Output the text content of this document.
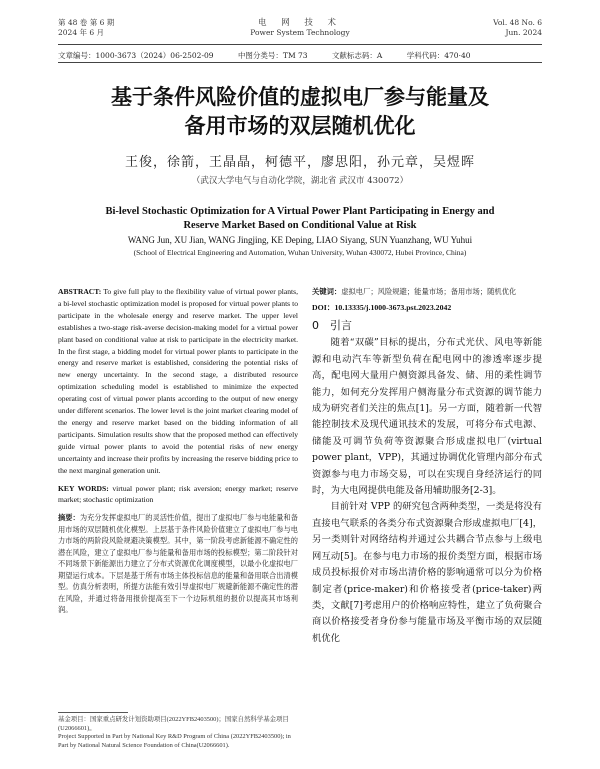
第 48 卷 第 6 期
2024 年 6 月
电 网 技 术
Power System Technology
Vol. 48 No. 6
Jun. 2024
文章编号：1000-3673（2024）06-2502-09	中图分类号：TM 73	文献标志码：A	学科代码：470·40
基于条件风险价值的虚拟电厂参与能量及
备用市场的双层随机优化
王俊，徐箭，王晶晶，柯德平，廖思阳，孙元章，吴煜晖
（武汉大学电气与自动化学院，湖北省 武汉市 430072）
Bi-level Stochastic Optimization for A Virtual Power Plant Participating in Energy and
Reserve Market Based on Conditional Value at Risk
WANG Jun, XU Jian, WANG Jingjing, KE Deping, LIAO Siyang, SUN Yuanzhang, WU Yuhui
(School of Electrical Engineering and Automation, Wuhan University, Wuhan 430072, Hubei Province, China)

ABSTRACT: To give full play to the flexibility value of virtual power plants, a bi-level stochastic optimization model is proposed for virtual power plants to participate in the wholesale energy and reserve market. The upper level establishes a two-stage risk-averse decision-making model for a virtual power plant based on conditional value at risk to participate in the electricity market. In the first stage, a bidding model for virtual power plants to participate in the energy and reserve market is established, considering the potential risks of new energy uncertainty. In the second stage, a distributed resource optimization scheduling model is established to minimize the expected operating cost of virtual power plants according to the output of new energy under different scenarios. The lower level is the joint market clearing model of the energy and reserve market based on the bidding information of all participants. Simulation results show that the proposed method can effectively guide virtual power plants to avoid the potential risks of new energy uncertainty and increase their profits by increasing the reserve bidding price to the next marginal generation unit.

KEY WORDS: virtual power plant; risk aversion; energy market; reserve market; stochastic optimization

摘要：为充分发挥虚拟电厂的灵活性价值，提出了虚拟电厂参与电能量和备用市场的双层随机优化模型。上层基于条件风险价值建立了虚拟电厂参与电力市场的两阶段风险规避决策模型。其中，第一阶段考虑新能源不确定性的潜在风险，建立了虚拟电厂参与能量和备用市场的投标模型；第二阶段针对不同场景下新能源出力建立了分布式资源优化调度模型，以最小化虚拟电厂期望运行成本。下层是基于所有市场主体投标信息的能量和备用联合出清模型。仿真分析表明，所提方法能有效引导虚拟电厂规避新能源不确定性的潜在风险，并通过将备用报价提高至下一个边际机组的报价以提高其市场利润。

基金项目：国家重点研发计划资助项目(2022YFB2403500)；国家自然科学基金项目(U2066601)。
Project Supported in Part by National Key R&D Program of China (2022YFB2403500); in Part by National Natural Science Foundation of China(U2066601).

关键词：虚拟电厂；风险规避；能量市场；备用市场；随机优化

DOI：10.13335/j.1000-3673.pst.2023.2042
0　引言

随着“双碳”目标的提出，分布式光伏、风电等新能源和电动汽车等新型负荷在配电网中的渗透率逐步提高，配电网大量用户侧资源具备发、储、用的柔性调节能力，如何充分发挥用户侧海量分布式资源的调节能力成为研究者们关注的焦点[1]。另一方面，随着新一代智能控制技术及现代通讯技术的发展，可将分布式电源、储能及可调节负荷等资源聚合形成虚拟电厂(virtual power plant，VPP)，其通过协调优化管理内部分布式资源参与电力市场交易，可以在实现自身经济运行的同时，为大电网提供电能及备用辅助服务[2-3]。

目前针对 VPP 的研究包含两种类型，一类是将没有直接电气联系的各类分布式资源聚合形成虚拟电厂[4]，另一类则针对网络结构并通过公共耦合节点参与上级电网互动[5]。在参与电力市场的报价类型方面，根据市场成员投标报价对市场出清价格的影响通常可以分为价格制定者(price-maker)和价格接受者(price-taker)两类，文献[7]考虑用户的价格响应特性，建立了负荷聚合商以价格接受者身份参与能量市场及平衡市场的双层随机优化
